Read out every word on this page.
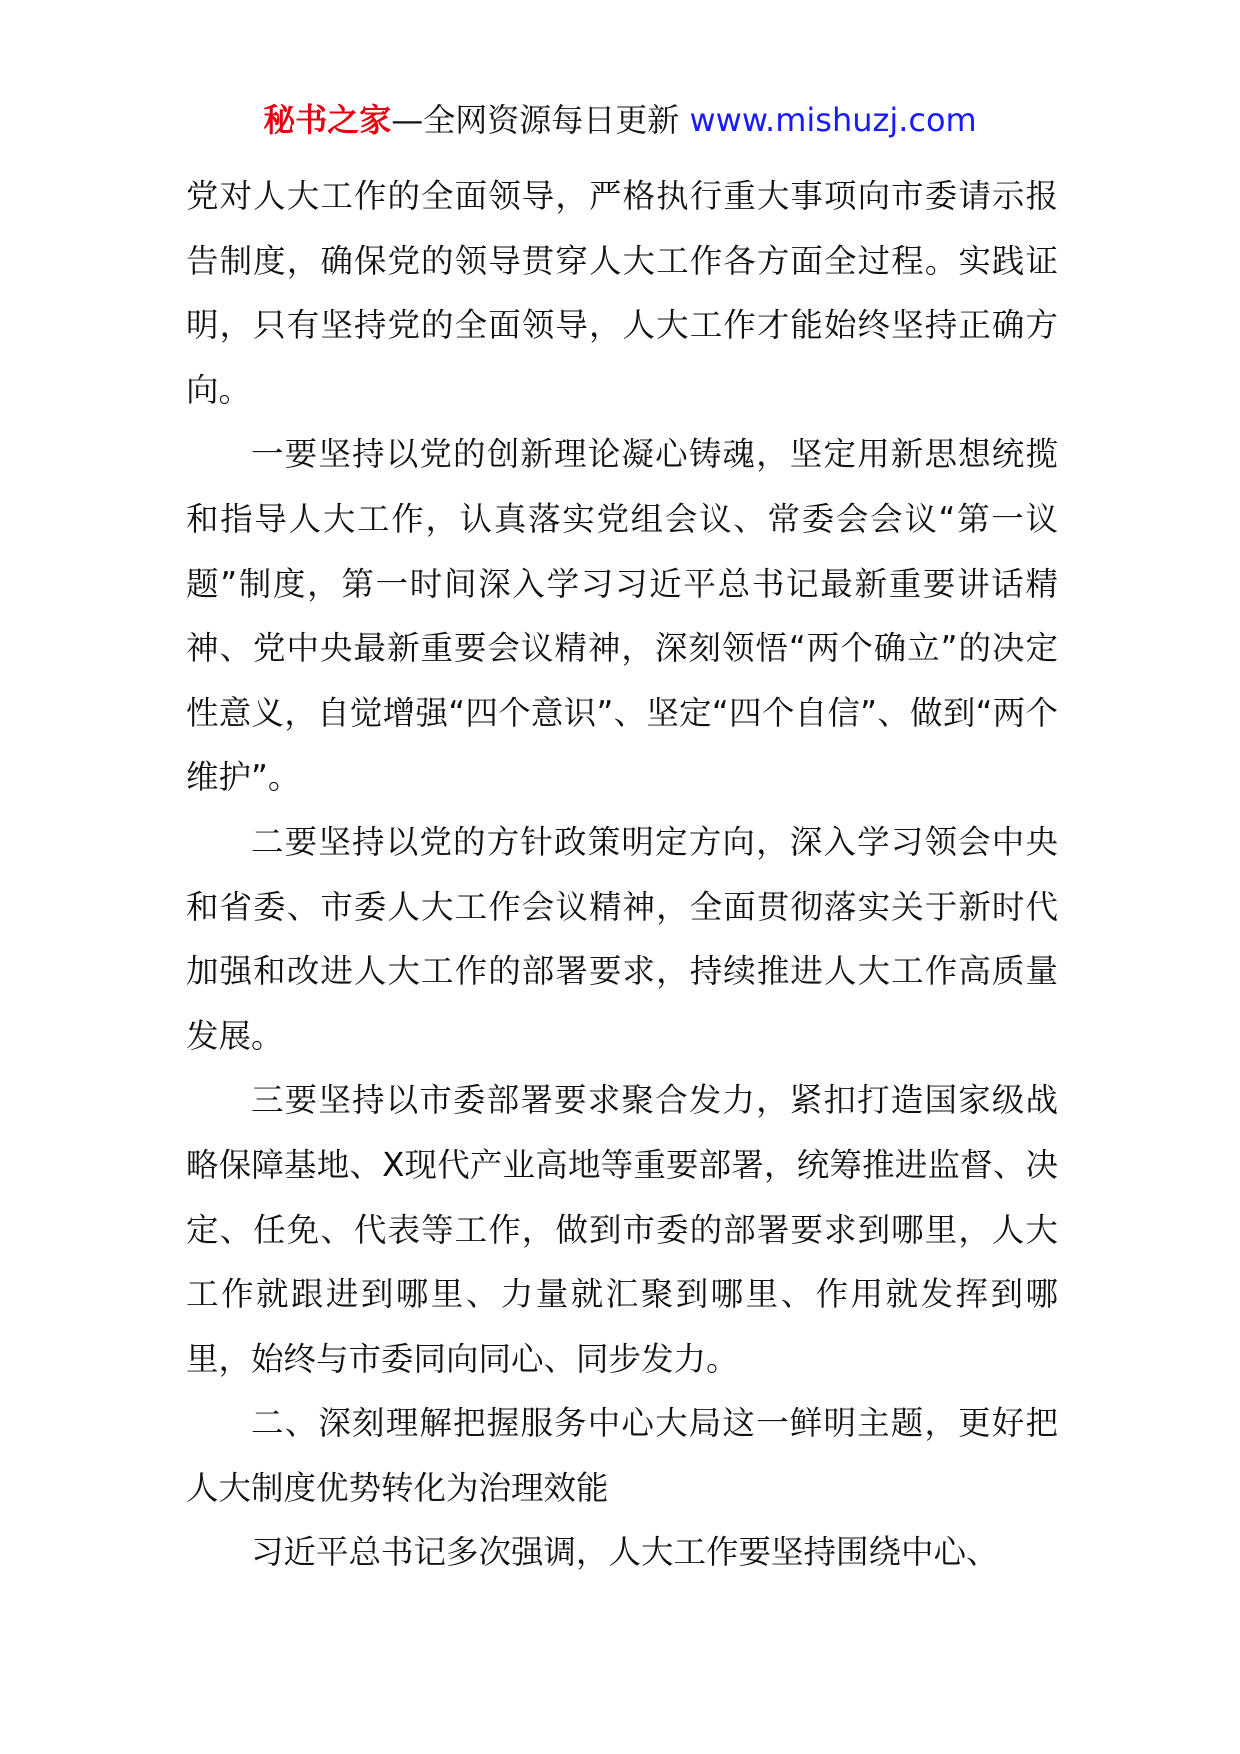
秘书之家—全网资源每日更新 www.mishuzj.com

党对人大工作的全面领导，严格执行重大事项向市委请示报告制度，确保党的领导贯穿人大工作各方面全过程。实践证明，只有坚持党的全面领导，人大工作才能始终坚持正确方向。

一要坚持以党的创新理论凝心铸魂，坚定用新思想统揽和指导人大工作，认真落实党组会议、常委会会议“第一议题”制度，第一时间深入学习习近平总书记最新重要讲话精神、党中央最新重要会议精神，深刻领悟“两个确立”的决定性意义，自觉增强“四个意识”、坚定“四个自信”、做到“两个维护”。

二要坚持以党的方针政策明定方向，深入学习领会中央和省委、市委人大工作会议精神，全面贯彻落实关于新时代加强和改进人大工作的部署要求，持续推进人大工作高质量发展。

三要坚持以市委部署要求聚合发力，紧扣打造国家级战略保障基地、X现代产业高地等重要部署，统筹推进监督、决定、任免、代表等工作，做到市委的部署要求到哪里，人大工作就跟进到哪里、力量就汇聚到哪里、作用就发挥到哪里，始终与市委同向同心、同步发力。

二、深刻理解把握服务中心大局这一鲜明主题，更好把人大制度优势转化为治理效能

习近平总书记多次强调，人大工作要坚持围绕中心、
